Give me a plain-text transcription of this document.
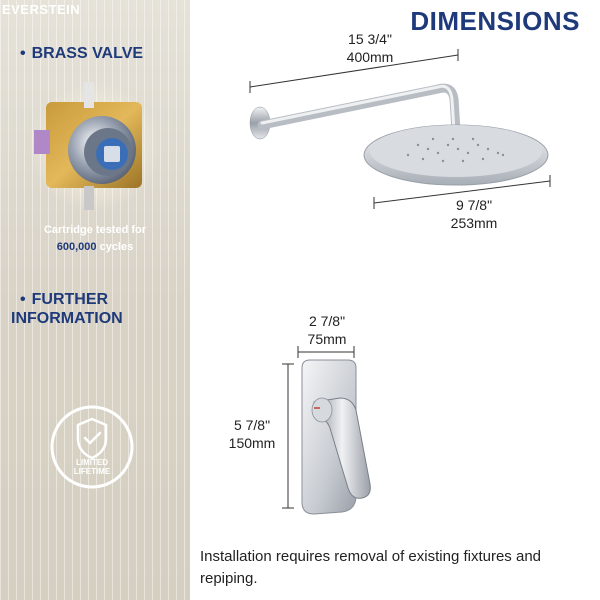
EVERSTEIN
• BRASS VALVE
Cartridge tested for
600,000 cycles
• FURTHER
INFORMATION
LIMITED
LIFETIME
DIMENSIONS
15 3/4"
400mm
9 7/8"
253mm
2 7/8"
75mm
5 7/8"
150mm
Installation requires removal of existing fixtures and repiping.
